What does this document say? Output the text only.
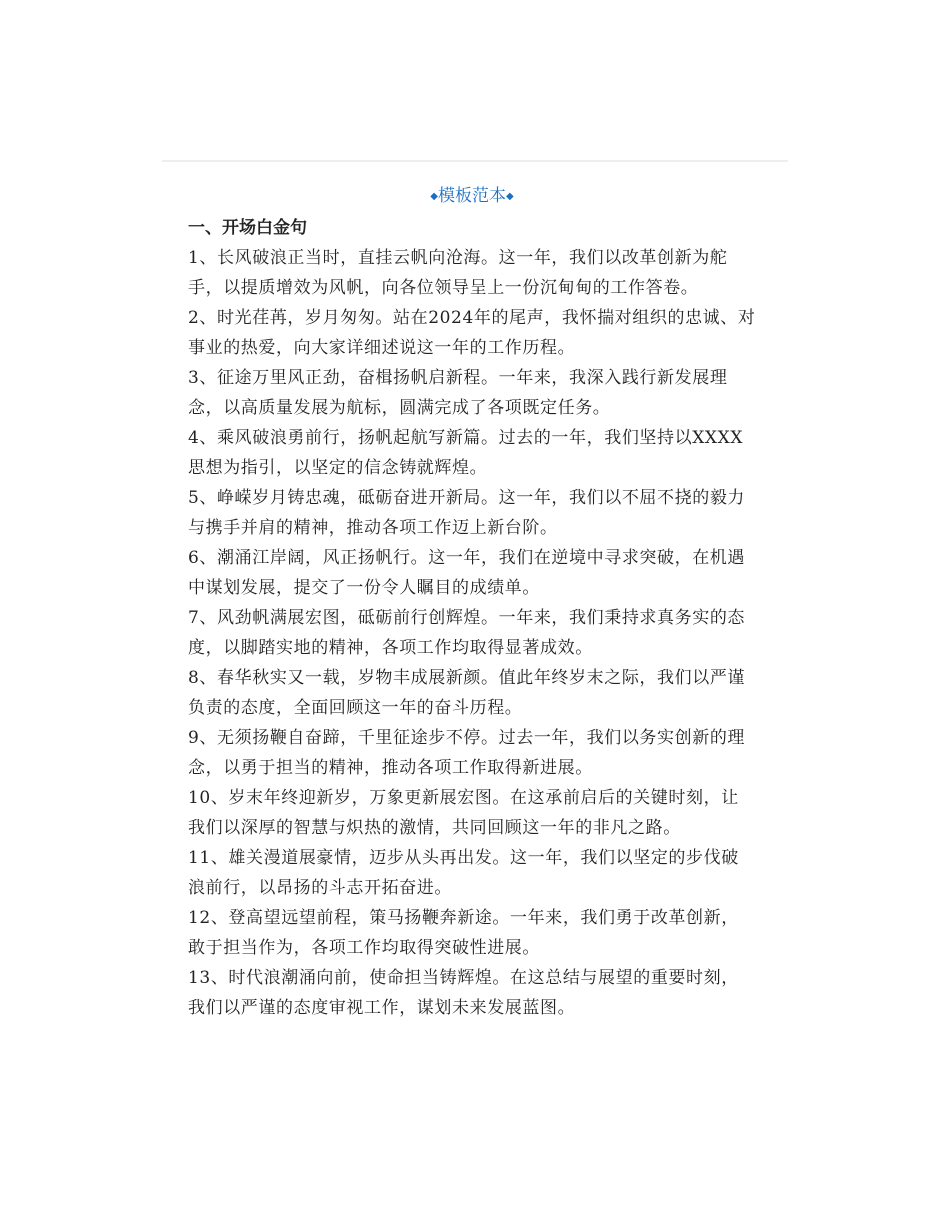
◆模板范本◆
一、开场白金句

1、长风破浪正当时，直挂云帆向沧海。这一年，我们以改革创新为舵手，以提质增效为风帆，向各位领导呈上一份沉甸甸的工作答卷。

2、时光荏苒，岁月匆匆。站在2024年的尾声，我怀揣对组织的忠诚、对事业的热爱，向大家详细述说这一年的工作历程。

3、征途万里风正劲，奋楫扬帆启新程。一年来，我深入践行新发展理念，以高质量发展为航标，圆满完成了各项既定任务。

4、乘风破浪勇前行，扬帆起航写新篇。过去的一年，我们坚持以XXXX思想为指引，以坚定的信念铸就辉煌。

5、峥嵘岁月铸忠魂，砥砺奋进开新局。这一年，我们以不屈不挠的毅力与携手并肩的精神，推动各项工作迈上新台阶。

6、潮涌江岸阔，风正扬帆行。这一年，我们在逆境中寻求突破，在机遇中谋划发展，提交了一份令人瞩目的成绩单。

7、风劲帆满展宏图，砥砺前行创辉煌。一年来，我们秉持求真务实的态度，以脚踏实地的精神，各项工作均取得显著成效。

8、春华秋实又一载，岁物丰成展新颜。值此年终岁末之际，我们以严谨负责的态度，全面回顾这一年的奋斗历程。

9、无须扬鞭自奋蹄，千里征途步不停。过去一年，我们以务实创新的理念，以勇于担当的精神，推动各项工作取得新进展。

10、岁末年终迎新岁，万象更新展宏图。在这承前启后的关键时刻，让我们以深厚的智慧与炽热的激情，共同回顾这一年的非凡之路。

11、雄关漫道展豪情，迈步从头再出发。这一年，我们以坚定的步伐破浪前行，以昂扬的斗志开拓奋进。

12、登高望远望前程，策马扬鞭奔新途。一年来，我们勇于改革创新，敢于担当作为，各项工作均取得突破性进展。

13、时代浪潮涌向前，使命担当铸辉煌。在这总结与展望的重要时刻，我们以严谨的态度审视工作，谋划未来发展蓝图。
